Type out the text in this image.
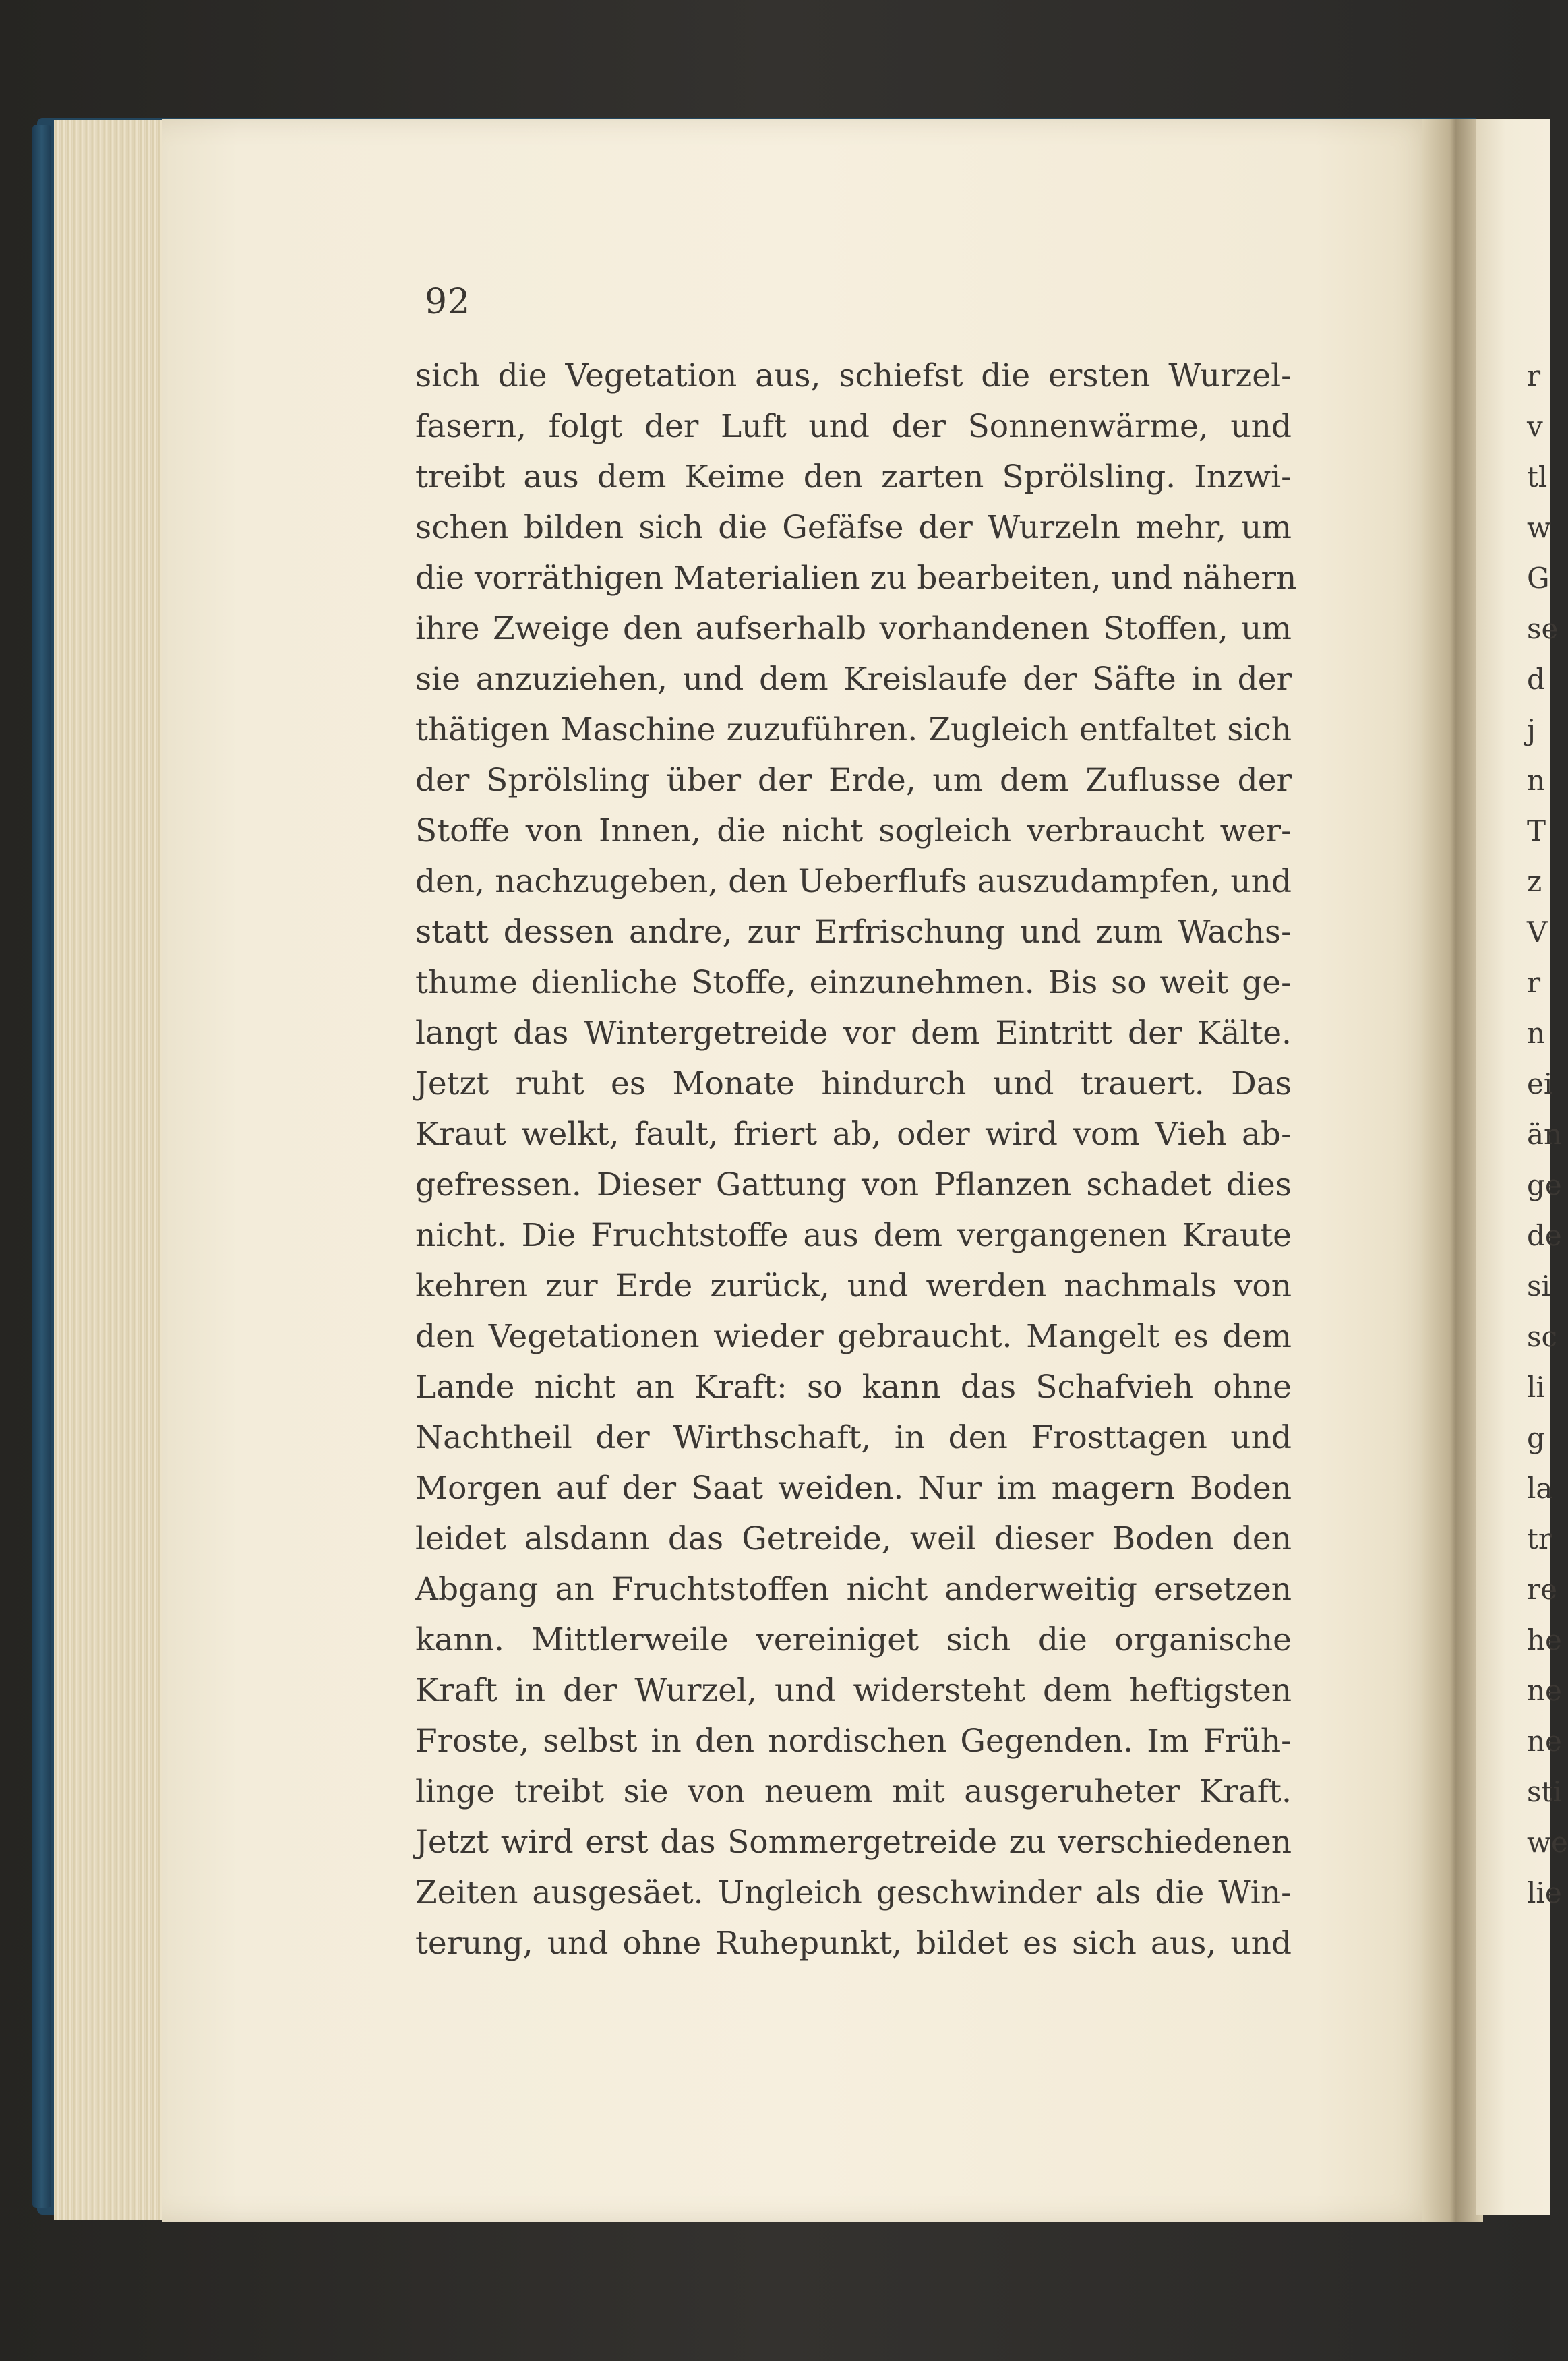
92
sich die Vegetation aus, schiefst die ersten Wurzel-
fasern, folgt der Luft und der Sonnenwärme, und
treibt aus dem Keime den zarten Sprölsling. Inzwi-
schen bilden sich die Gefäfse der Wurzeln mehr, um
die vorräthigen Materialien zu bearbeiten, und nähern
ihre Zweige den aufserhalb vorhandenen Stoffen, um
sie anzuziehen, und dem Kreislaufe der Säfte in der
thätigen Maschine zuzuführen. Zugleich entfaltet sich
der Sprölsling über der Erde, um dem Zuflusse der
Stoffe von Innen, die nicht sogleich verbraucht wer-
den, nachzugeben, den Ueberflufs auszudampfen, und
statt dessen andre, zur Erfrischung und zum Wachs-
thume dienliche Stoffe, einzunehmen. Bis so weit ge-
langt das Wintergetreide vor dem Eintritt der Kälte.
Jetzt ruht es Monate hindurch und trauert. Das
Kraut welkt, fault, friert ab, oder wird vom Vieh ab-
gefressen. Dieser Gattung von Pflanzen schadet dies
nicht. Die Fruchtstoffe aus dem vergangenen Kraute
kehren zur Erde zurück, und werden nachmals von
den Vegetationen wieder gebraucht. Mangelt es dem
Lande nicht an Kraft: so kann das Schafvieh ohne
Nachtheil der Wirthschaft, in den Frosttagen und
Morgen auf der Saat weiden. Nur im magern Boden
leidet alsdann das Getreide, weil dieser Boden den
Abgang an Fruchtstoffen nicht anderweitig ersetzen
kann. Mittlerweile vereiniget sich die organische
Kraft in der Wurzel, und widersteht dem heftigsten
Froste, selbst in den nordischen Gegenden. Im Früh-
linge treibt sie von neuem mit ausgeruheter Kraft.
Jetzt wird erst das Sommergetreide zu verschiedenen
Zeiten ausgesäet. Ungleich geschwinder als die Win-
terung, und ohne Ruhepunkt, bildet es sich aus, und
r
v
tl
w
G
se
d
j
n
T
z
V
r
n
ei
än
ge
de
si
sc
li
g
la
tr
re
he
ne
ne
sti
we
lie
